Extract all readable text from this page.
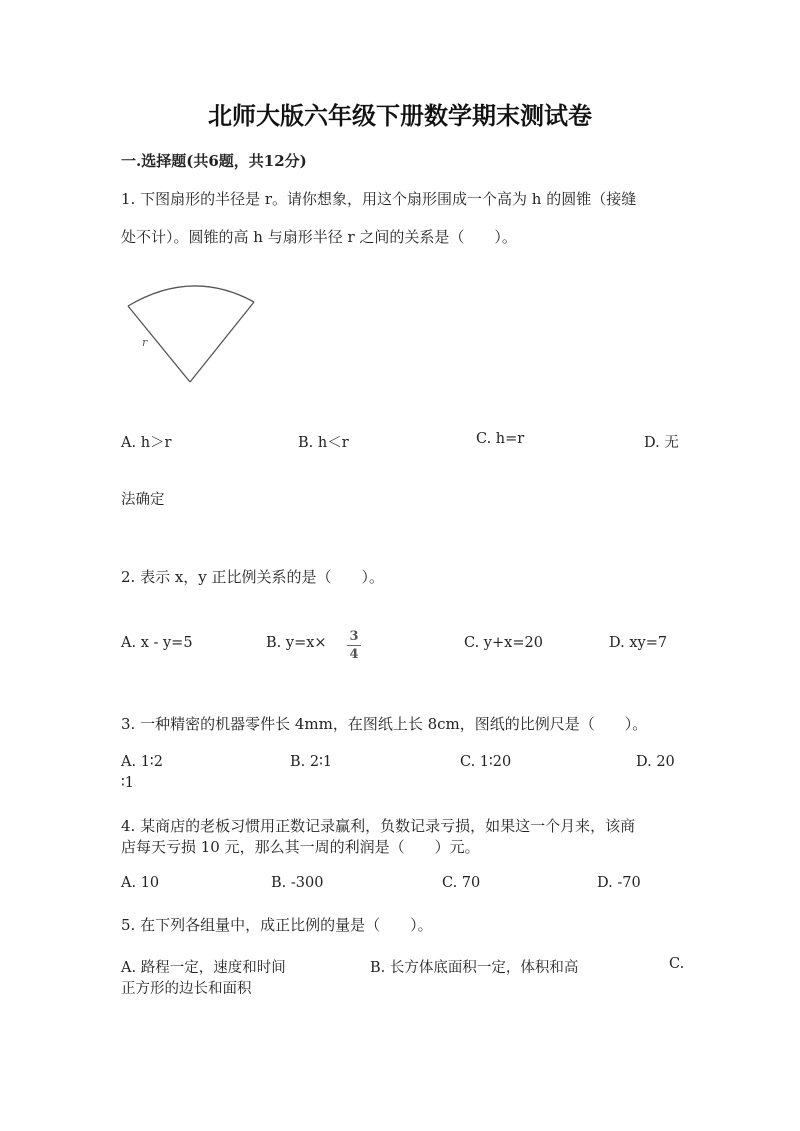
北师大版六年级下册数学期末测试卷
一.选择题(共6题，共12分)
1. 下图扇形的半径是 r。请你想象，用这个扇形围成一个高为 h 的圆锥（接缝
处不计）。圆锥的高 h 与扇形半径 r 之间的关系是（　　）。
r
A. h＞r	B. h＜r	C. h=r	D. 无
法确定
2. 表示 x，y 正比例关系的是（　　）。
A. x - y=5	B. y=x× 3
4
C. y+x=20	D. xy=7
3. 一种精密的机器零件长 4mm，在图纸上长 8cm，图纸的比例尺是（　　）。
A. 1∶2	B. 2∶1	C. 1∶20	D. 20
∶1
4. 某商店的老板习惯用正数记录赢利，负数记录亏损，如果这一个月来，该商
店每天亏损 10 元，那么其一周的利润是（　　）元。
A. 10	B. -300	C. 70	D. -70
5. 在下列各组量中，成正比例的量是（　　）。
A. 路程一定，速度和时间	B. 长方体底面积一定，体积和高	C.
正方形的边长和面积
